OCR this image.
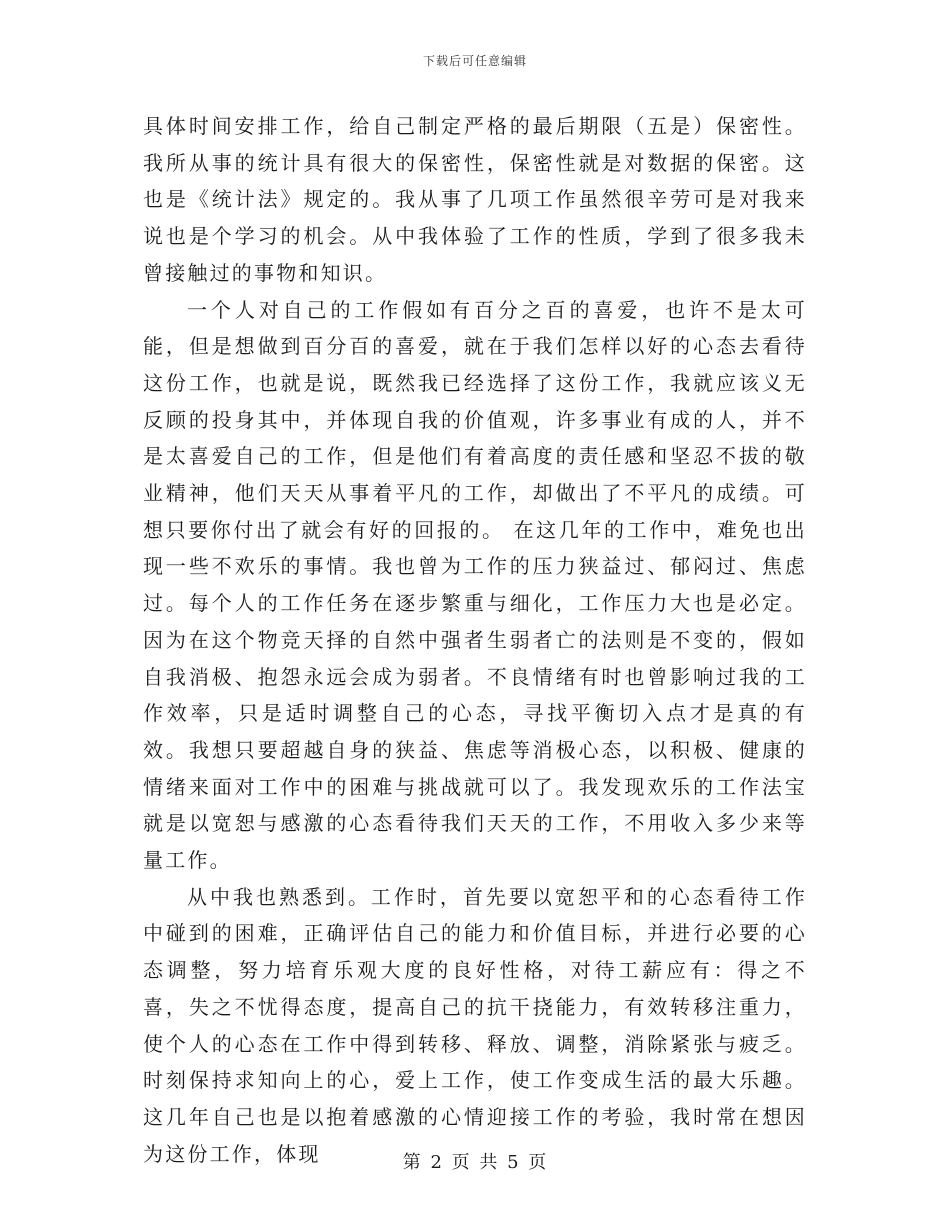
下载后可任意编辑

具体时间安排工作，给自己制定严格的最后期限（五是）保密性。我所从事的统计具有很大的保密性，保密性就是对数据的保密。这也是《统计法》规定的。我从事了几项工作虽然很辛劳可是对我来说也是个学习的机会。从中我体验了工作的性质，学到了很多我未曾接触过的事物和知识。

一个人对自己的工作假如有百分之百的喜爱，也许不是太可能，但是想做到百分百的喜爱，就在于我们怎样以好的心态去看待这份工作，也就是说，既然我已经选择了这份工作，我就应该义无反顾的投身其中，并体现自我的价值观，许多事业有成的人，并不是太喜爱自己的工作，但是他们有着高度的责任感和坚忍不拔的敬业精神，他们天天从事着平凡的工作，却做出了不平凡的成绩。可想只要你付出了就会有好的回报的。 在这几年的工作中，难免也出现一些不欢乐的事情。我也曾为工作的压力狭益过、郁闷过、焦虑过。每个人的工作任务在逐步繁重与细化，工作压力大也是必定。因为在这个物竞天择的自然中强者生弱者亡的法则是不变的，假如自我消极、抱怨永远会成为弱者。不良情绪有时也曾影响过我的工作效率，只是适时调整自己的心态，寻找平衡切入点才是真的有效。我想只要超越自身的狭益、焦虑等消极心态，以积极、健康的情绪来面对工作中的困难与挑战就可以了。我发现欢乐的工作法宝就是以宽恕与感激的心态看待我们天天的工作，不用收入多少来等量工作。

从中我也熟悉到。工作时，首先要以宽恕平和的心态看待工作中碰到的困难，正确评估自己的能力和价值目标，并进行必要的心态调整，努力培育乐观大度的良好性格，对待工薪应有：得之不喜，失之不忧得态度，提高自己的抗干挠能力，有效转移注重力，使个人的心态在工作中得到转移、释放、调整，消除紧张与疲乏。时刻保持求知向上的心，爱上工作，使工作变成生活的最大乐趣。这几年自己也是以抱着感激的心情迎接工作的考验，我时常在想因为这份工作，体现	第 2 页 共 5 页
